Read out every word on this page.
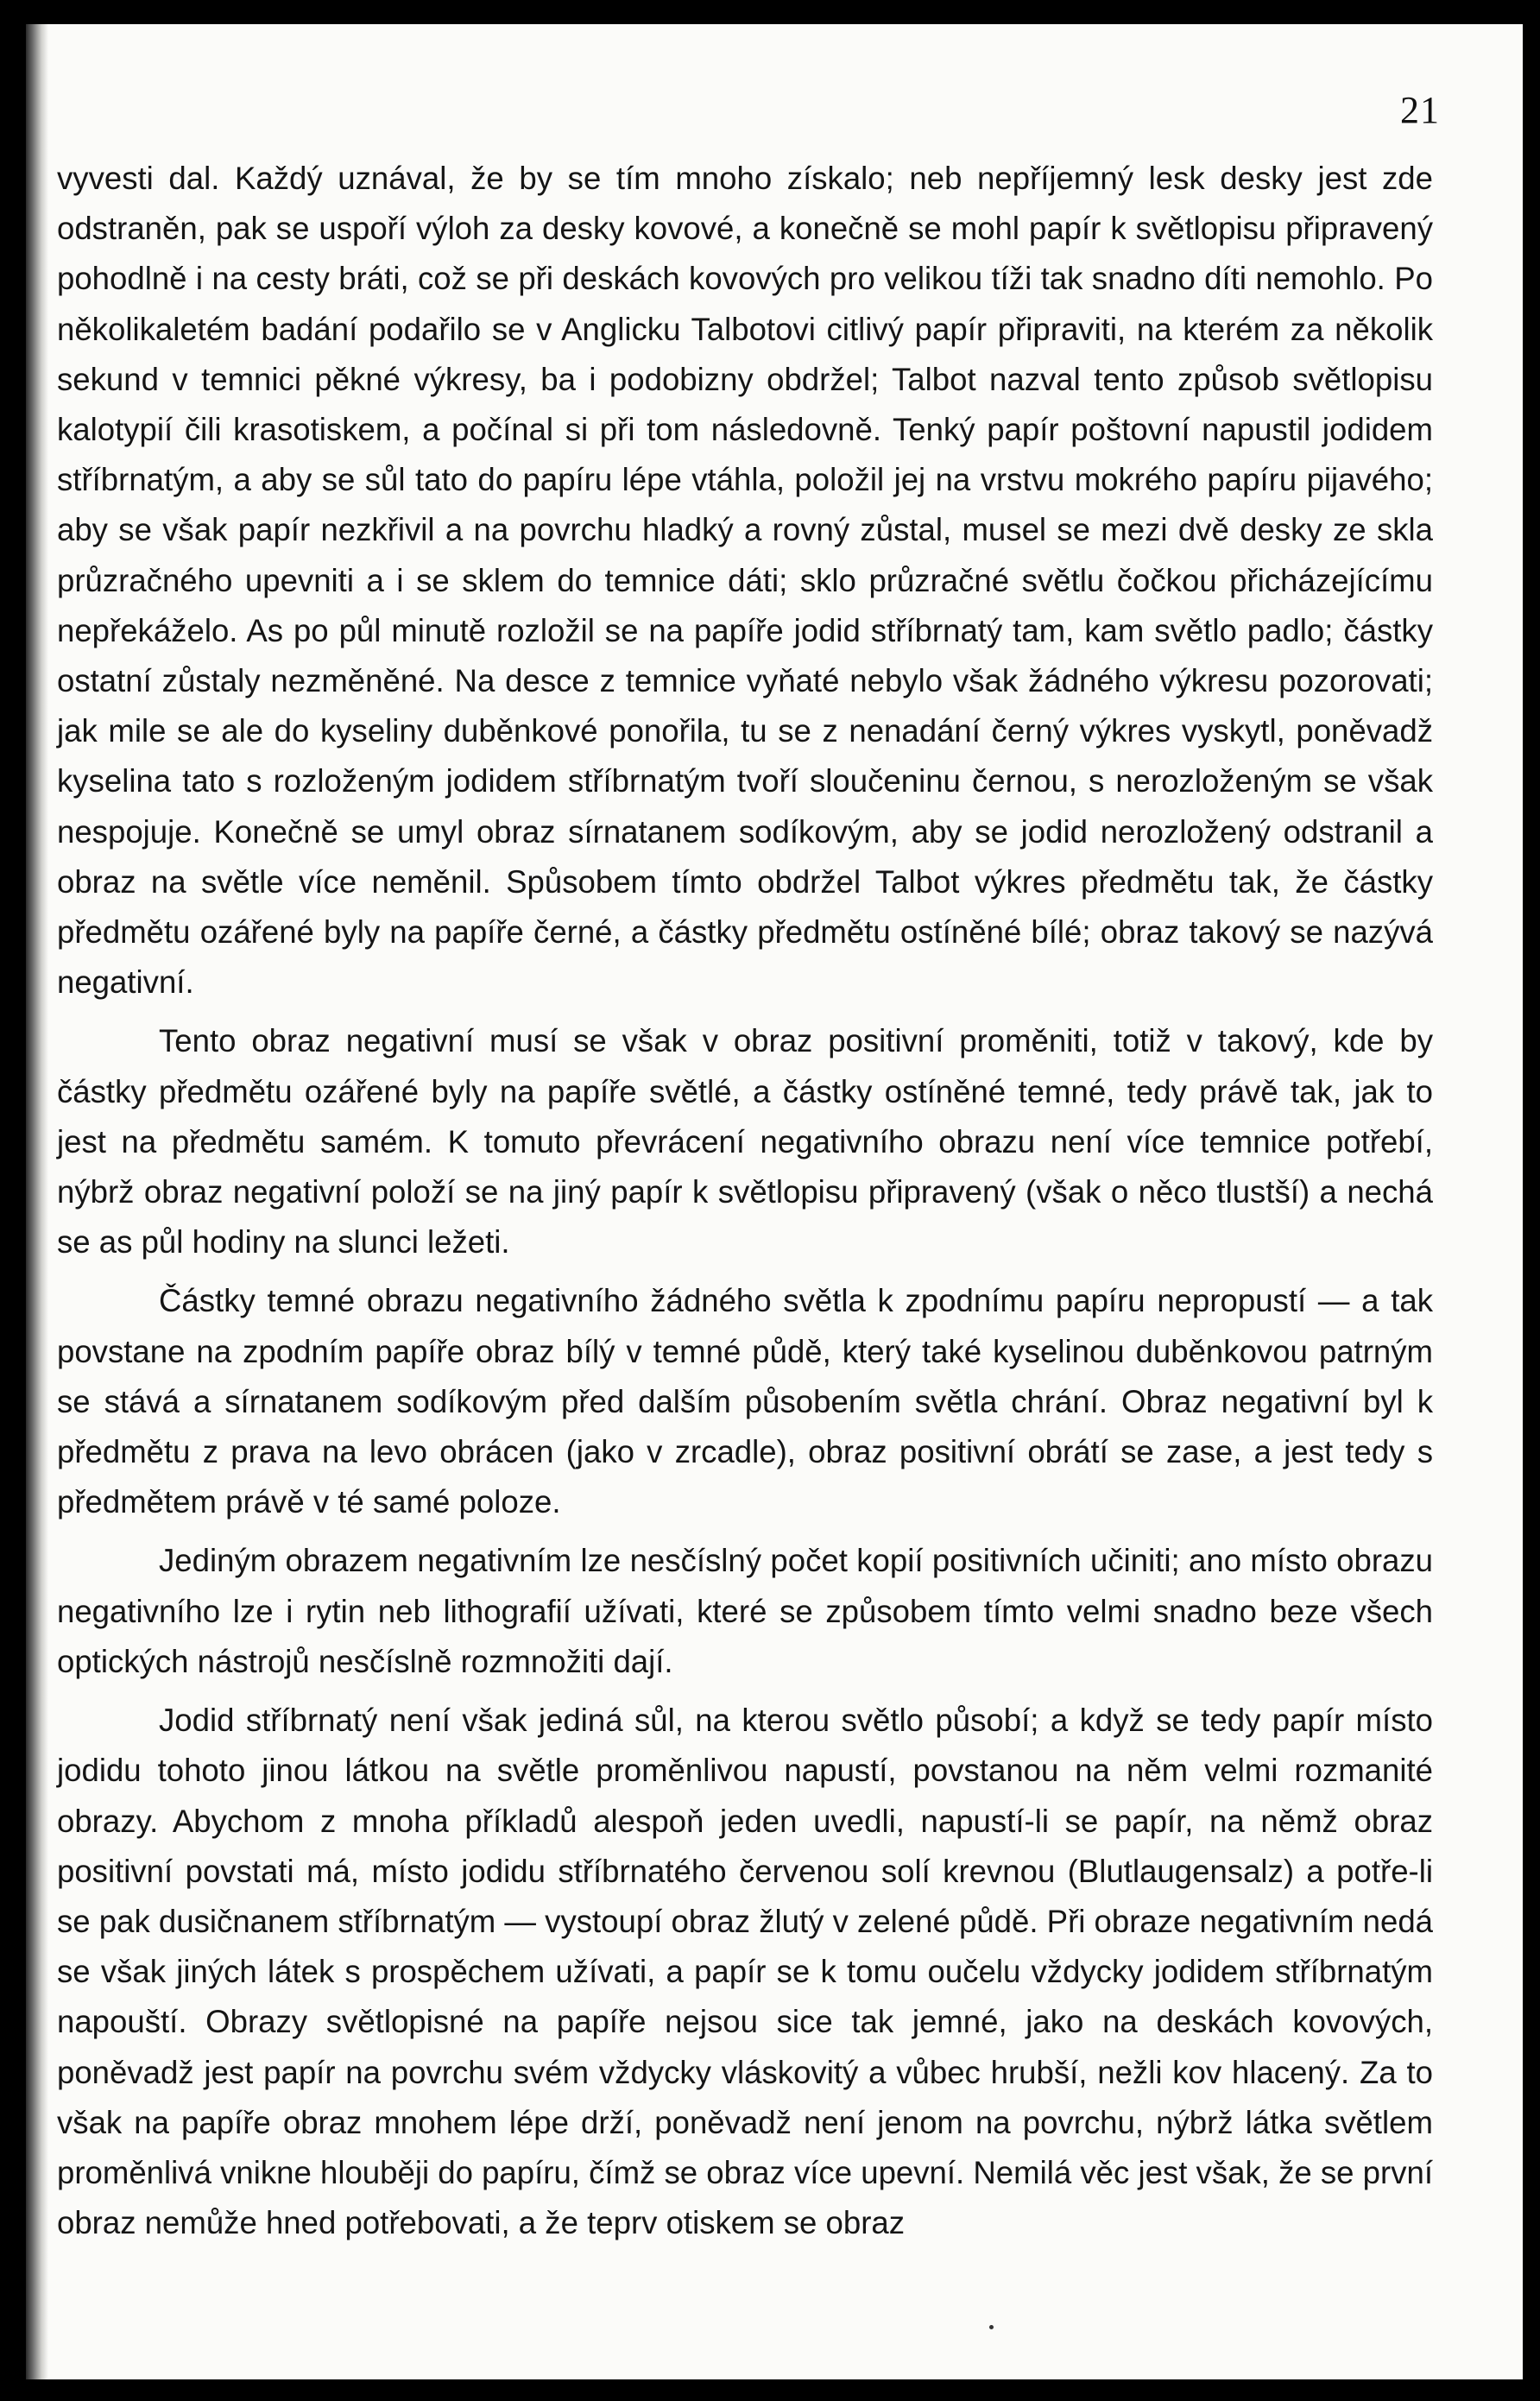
21

vyvesti dal. Každý uznával, že by se tím mnoho získalo; neb nepříjemný lesk desky jest zde odstraněn, pak se uspoří výloh za desky kovové, a konečně se mohl papír k světlopisu připravený pohodlně i na cesty bráti, což se při deskách kovových pro velikou tíži tak snadno díti nemohlo. Po několikaletém badání podařilo se v Anglicku Talbotovi citlivý papír připraviti, na kterém za několik sekund v temnici pěkné výkresy, ba i podobizny obdržel; Talbot nazval tento způsob světlopisu kalotypií čili krasotiskem, a počínal si při tom následovně. Tenký papír poštovní napustil jodidem stříbrnatým, a aby se sůl tato do papíru lépe vtáhla, položil jej na vrstvu mokrého papíru pijavého; aby se však papír nezkřivil a na povrchu hladký a rovný zůstal, musel se mezi dvě desky ze skla průzračného upevniti a i se sklem do temnice dáti; sklo průzračné světlu čočkou přicházejícímu nepřekáželo. As po půl minutě rozložil se na papíře jodid stříbrnatý tam, kam světlo padlo; částky ostatní zůstaly nezměněné. Na desce z temnice vyňaté nebylo však žádného výkresu pozorovati; jak mile se ale do kyseliny duběnkové ponořila, tu se z nenadání černý výkres vyskytl, poněvadž kyselina tato s rozloženým jodidem stříbrnatým tvoří sloučeninu černou, s nerozloženým se však nespojuje. Konečně se umyl obraz sírnatanem sodíkovým, aby se jodid nerozložený odstranil a obraz na světle více neměnil. Spůsobem tímto obdržel Talbot výkres předmětu tak, že částky předmětu ozářené byly na papíře černé, a částky předmětu ostíněné bílé; obraz takový se nazývá negativní.

Tento obraz negativní musí se však v obraz positivní proměniti, totiž v takový, kde by částky předmětu ozářené byly na papíře světlé, a částky ostíněné temné, tedy právě tak, jak to jest na předmětu samém. K tomuto převrácení negativního obrazu není více temnice potřebí, nýbrž obraz negativní položí se na jiný papír k světlopisu připravený (však o něco tlustší) a nechá se as půl hodiny na slunci ležeti.

Částky temné obrazu negativního žádného světla k zpodnímu papíru nepropustí — a tak povstane na zpodním papíře obraz bílý v temné půdě, který také kyselinou duběnkovou patrným se stává a sírnatanem sodíkovým před dalším působením světla chrání. Obraz negativní byl k předmětu z prava na levo obrácen (jako v zrcadle), obraz positivní obrátí se zase, a jest tedy s předmětem právě v té samé poloze.

Jediným obrazem negativním lze nesčíslný počet kopií positivních učiniti; ano místo obrazu negativního lze i rytin neb lithografií užívati, které se způsobem tímto velmi snadno beze všech optických nástrojů nesčíslně rozmnožiti dají.

Jodid stříbrnatý není však jediná sůl, na kterou světlo působí; a když se tedy papír místo jodidu tohoto jinou látkou na světle proměnlivou napustí, povstanou na něm velmi rozmanité obrazy. Abychom z mnoha příkladů alespoň jeden uvedli, napustí-li se papír, na němž obraz positivní povstati má, místo jodidu stříbrnatého červenou solí krevnou (Blutlaugensalz) a potře-li se pak dusičnanem stříbrnatým — vystoupí obraz žlutý v zelené půdě. Při obraze negativním nedá se však jiných látek s prospěchem užívati, a papír se k tomu oučelu vždycky jodidem stříbrnatým napouští. Obrazy světlopisné na papíře nejsou sice tak jemné, jako na deskách kovových, poněvadž jest papír na povrchu svém vždycky vláskovitý a vůbec hrubší, nežli kov hlacený. Za to však na papíře obraz mnohem lépe drží, poněvadž není jenom na povrchu, nýbrž látka světlem proměnlivá vnikne hlouběji do papíru, čímž se obraz více upevní. Nemilá věc jest však, že se první obraz nemůže hned potřebovati, a že teprv otiskem se obraz
